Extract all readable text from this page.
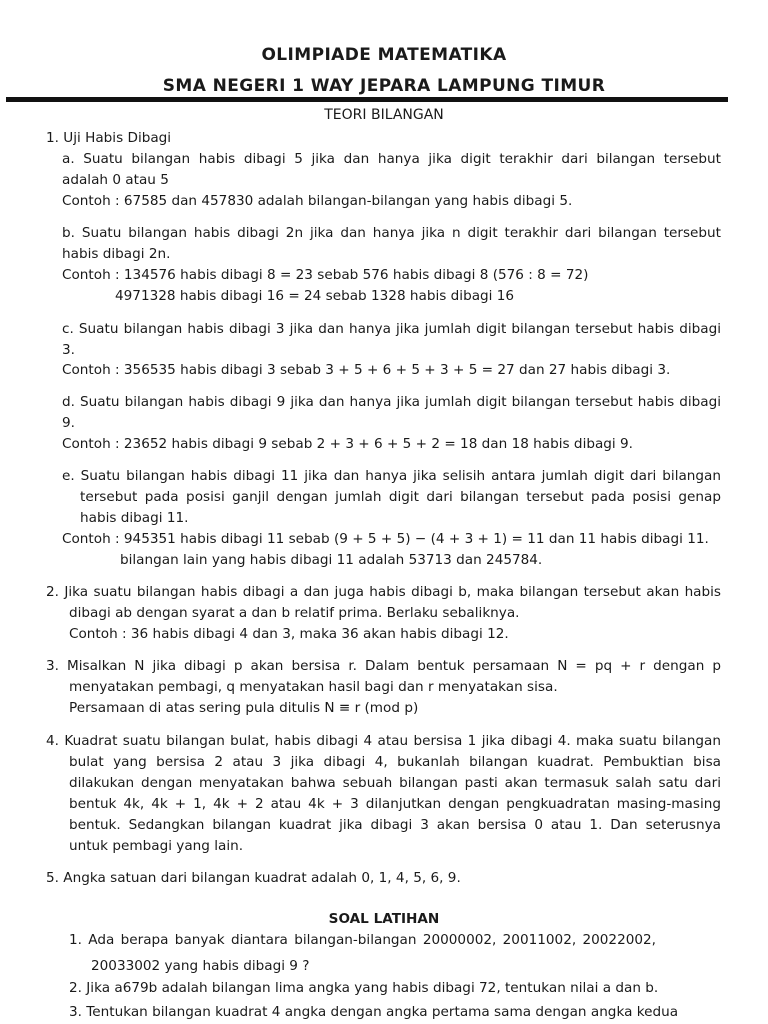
OLIMPIADE MATEMATIKA
SMA NEGERI 1 WAY JEPARA LAMPUNG TIMUR
TEORI BILANGAN
1. Uji Habis Dibagi
a. Suatu bilangan habis dibagi 5 jika dan hanya jika digit terakhir dari bilangan tersebut
adalah 0 atau 5
Contoh : 67585 dan 457830 adalah bilangan-bilangan yang habis dibagi 5.
b. Suatu bilangan habis dibagi 2n jika dan hanya jika n digit terakhir dari bilangan tersebut
habis dibagi 2n.
Contoh : 134576 habis dibagi 8 = 23 sebab 576 habis dibagi 8 (576 : 8 = 72)
4971328 habis dibagi 16 = 24 sebab 1328 habis dibagi 16
c. Suatu bilangan habis dibagi 3 jika dan hanya jika jumlah digit bilangan tersebut habis dibagi
3.
Contoh : 356535 habis dibagi 3 sebab 3 + 5 + 6 + 5 + 3 + 5 = 27 dan 27 habis dibagi 3.
d. Suatu bilangan habis dibagi 9 jika dan hanya jika jumlah digit bilangan tersebut habis dibagi
9.
Contoh : 23652 habis dibagi 9 sebab 2 + 3 + 6 + 5 + 2 = 18 dan 18 habis dibagi 9.
e. Suatu bilangan habis dibagi 11 jika dan hanya jika selisih antara jumlah digit dari bilangan
tersebut pada posisi ganjil dengan jumlah digit dari bilangan tersebut pada posisi genap
habis dibagi 11.
Contoh : 945351 habis dibagi 11 sebab (9 + 5 + 5) − (4 + 3 + 1) = 11 dan 11 habis dibagi 11.
bilangan lain yang habis dibagi 11 adalah 53713 dan 245784.
2. Jika suatu bilangan habis dibagi a dan juga habis dibagi b, maka bilangan tersebut akan habis
dibagi ab dengan syarat a dan b relatif prima. Berlaku sebaliknya.
Contoh : 36 habis dibagi 4 dan 3, maka 36 akan habis dibagi 12.
3. Misalkan N jika dibagi p akan bersisa r. Dalam bentuk persamaan N = pq + r dengan p
menyatakan pembagi, q menyatakan hasil bagi dan r menyatakan sisa.
Persamaan di atas sering pula ditulis N ≡ r (mod p)
4. Kuadrat suatu bilangan bulat, habis dibagi 4 atau bersisa 1 jika dibagi 4. maka suatu bilangan
bulat yang bersisa 2 atau 3 jika dibagi 4, bukanlah bilangan kuadrat. Pembuktian bisa
dilakukan dengan menyatakan bahwa sebuah bilangan pasti akan termasuk salah satu dari
bentuk 4k, 4k + 1, 4k + 2 atau 4k + 3 dilanjutkan dengan pengkuadratan masing-masing
bentuk. Sedangkan bilangan kuadrat jika dibagi 3 akan bersisa 0 atau 1. Dan seterusnya
untuk pembagi yang lain.
5. Angka satuan dari bilangan kuadrat adalah 0, 1, 4, 5, 6, 9.
SOAL LATIHAN
1. Ada berapa banyak diantara bilangan-bilangan 20000002, 20011002, 20022002,
20033002 yang habis dibagi 9 ?
2. Jika a679b adalah bilangan lima angka yang habis dibagi 72, tentukan nilai a dan b.
3. Tentukan bilangan kuadrat 4 angka dengan angka pertama sama dengan angka kedua
